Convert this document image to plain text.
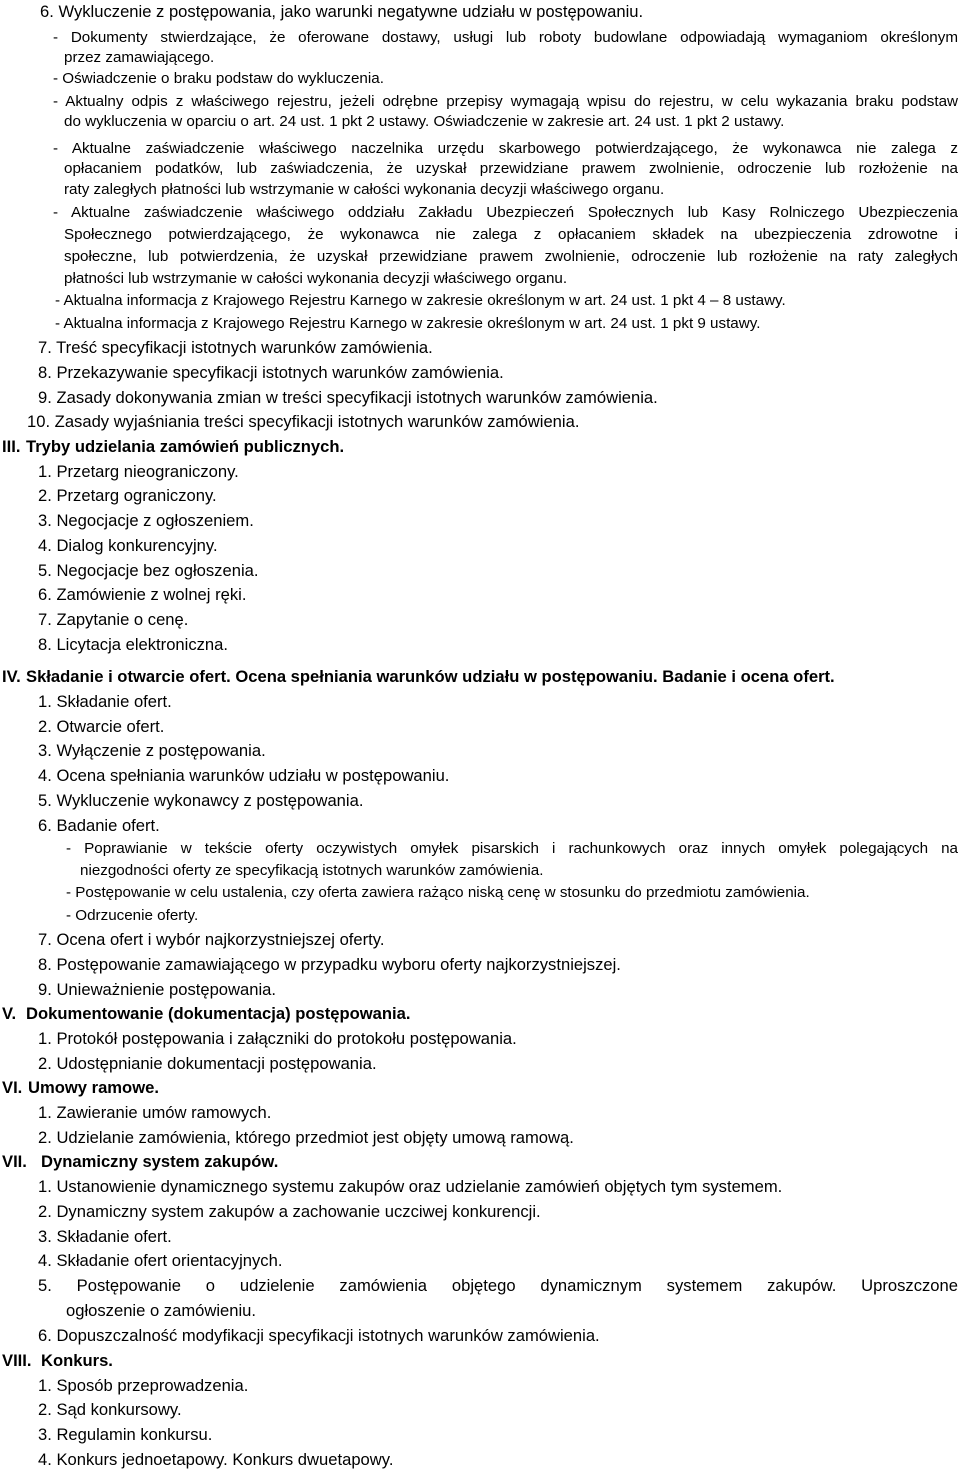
6. Wykluczenie z postępowania, jako warunki negatywne udziału w postępowaniu.

- Dokumenty stwierdzające, że oferowane dostawy, usługi lub roboty budowlane odpowiadają wymaganiom określonym

przez zamawiającego.

- Oświadczenie o braku podstaw do wykluczenia.

- Aktualny odpis z właściwego rejestru, jeżeli odrębne przepisy wymagają wpisu do rejestru, w celu wykazania braku podstaw

do wykluczenia w oparciu o art. 24 ust. 1 pkt 2 ustawy. Oświadczenie w zakresie art. 24 ust. 1 pkt 2 ustawy.

- Aktualne zaświadczenie właściwego naczelnika urzędu skarbowego potwierdzającego, że wykonawca nie zalega z

opłacaniem podatków, lub zaświadczenia, że uzyskał przewidziane prawem zwolnienie, odroczenie lub rozłożenie na

raty zaległych płatności lub wstrzymanie w całości wykonania decyzji właściwego organu.

- Aktualne zaświadczenie właściwego oddziału Zakładu Ubezpieczeń Społecznych lub Kasy Rolniczego Ubezpieczenia

Społecznego potwierdzającego, że wykonawca nie zalega z opłacaniem składek na ubezpieczenia zdrowotne i

społeczne, lub potwierdzenia, że uzyskał przewidziane prawem zwolnienie, odroczenie lub rozłożenie na raty zaległych

płatności lub wstrzymanie w całości wykonania decyzji właściwego organu.

- Aktualna informacja z Krajowego Rejestru Karnego w zakresie określonym w art. 24 ust. 1 pkt 4 – 8 ustawy.

- Aktualna informacja z Krajowego Rejestru Karnego w zakresie określonym w art. 24 ust. 1 pkt 9 ustawy.

7. Treść specyfikacji istotnych warunków zamówienia.

8. Przekazywanie specyfikacji istotnych warunków zamówienia.

9. Zasady dokonywania zmian w treści specyfikacji istotnych warunków zamówienia.

10. Zasady wyjaśniania treści specyfikacji istotnych warunków zamówienia.

III. Tryby udzielania zamówień publicznych.

1. Przetarg nieograniczony.

2. Przetarg ograniczony.

3. Negocjacje z ogłoszeniem.

4. Dialog konkurencyjny.

5. Negocjacje bez ogłoszenia.

6. Zamówienie z wolnej ręki.

7. Zapytanie o cenę.

8. Licytacja elektroniczna.

IV. Składanie i otwarcie ofert. Ocena spełniania warunków udziału w postępowaniu. Badanie i ocena ofert.

1. Składanie ofert.

2. Otwarcie ofert.

3. Wyłączenie z postępowania.

4. Ocena spełniania warunków udziału w postępowaniu.

5. Wykluczenie wykonawcy z postępowania.

6. Badanie ofert.

- Poprawianie w tekście oferty oczywistych omyłek pisarskich i rachunkowych oraz innych omyłek polegających na

niezgodności oferty ze specyfikacją istotnych warunków zamówienia.

- Postępowanie w celu ustalenia, czy oferta zawiera rażąco niską cenę w stosunku do przedmiotu zamówienia.

- Odrzucenie oferty.

7. Ocena ofert i wybór najkorzystniejszej oferty.

8. Postępowanie zamawiającego w przypadku wyboru oferty najkorzystniejszej.

9. Unieważnienie postępowania.

V. Dokumentowanie (dokumentacja) postępowania.

1. Protokół postępowania i załączniki do protokołu postępowania.

2. Udostępnianie dokumentacji postępowania.

VI. Umowy ramowe.

1. Zawieranie umów ramowych.

2. Udzielanie zamówienia, którego przedmiot jest objęty umową ramową.

VII. Dynamiczny system zakupów.

1. Ustanowienie dynamicznego systemu zakupów oraz udzielanie zamówień objętych tym systemem.

2. Dynamiczny system zakupów a zachowanie uczciwej konkurencji.

3. Składanie ofert.

4. Składanie ofert orientacyjnych.

5. Postępowanie o udzielenie zamówienia objętego dynamicznym systemem zakupów. Uproszczone

ogłoszenie o zamówieniu.

6. Dopuszczalność modyfikacji specyfikacji istotnych warunków zamówienia.

VIII. Konkurs.

1. Sposób przeprowadzenia.

2. Sąd konkursowy.

3. Regulamin konkursu.

4. Konkurs jednoetapowy. Konkurs dwuetapowy.
